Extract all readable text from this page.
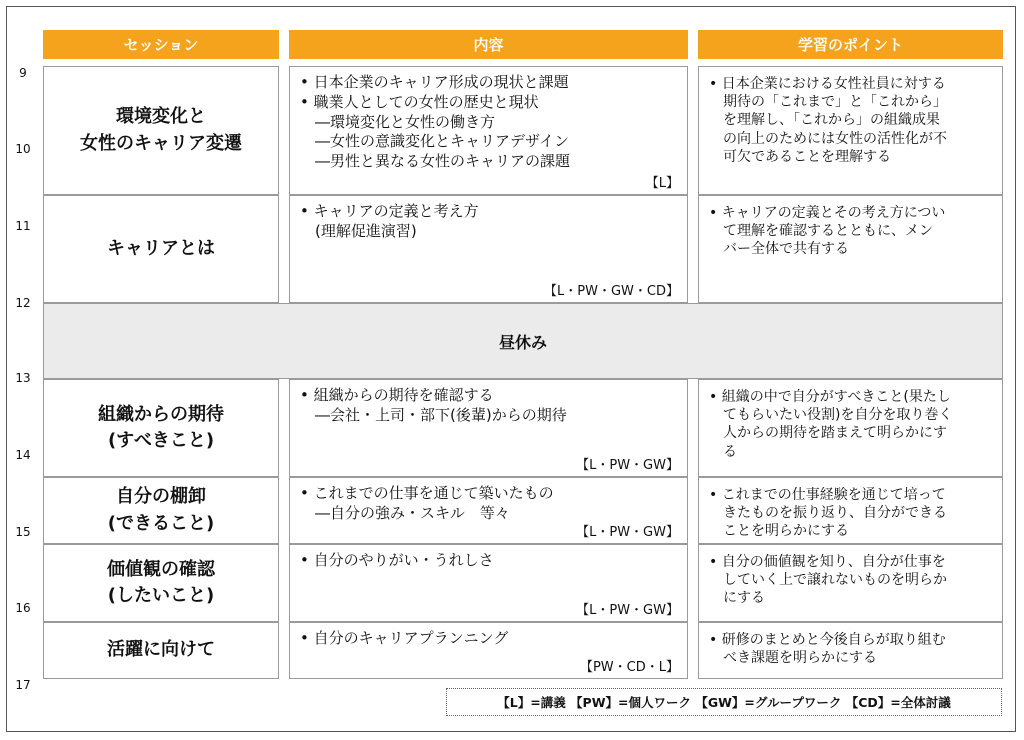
9
10
11
12
13
14
15
16
17
セッション	内容	学習のポイント
環境変化と
女性のキャリア変遷
• 日本企業のキャリア形成の現状と課題
• 職業人としての女性の歴史と現状
　―環境変化と女性の働き方
　―女性の意識変化とキャリアデザイン
　―男性と異なる女性のキャリアの課題
【L】
• 日本企業における女性社員に対する
　期待の「これまで」と「これから」
　を理解し、「これから」の組織成果
　の向上のためには女性の活性化が不
　可欠であることを理解する
キャリアとは
• キャリアの定義と考え方
　(理解促進演習)
【L・PW・GW・CD】
• キャリアの定義とその考え方につい
　て理解を確認するとともに、メン
　バー全体で共有する
昼休み
組織からの期待
(すべきこと)
• 組織からの期待を確認する
　―会社・上司・部下(後輩)からの期待
【L・PW・GW】
• 組織の中で自分がすべきこと(果たし
　てもらいたい役割)を自分を取り巻く
　人からの期待を踏まえて明らかにす
　る
自分の棚卸
(できること)
• これまでの仕事を通じて築いたもの
　―自分の強み・スキル　等々
【L・PW・GW】
• これまでの仕事経験を通じて培って
　きたものを振り返り、自分ができる
　ことを明らかにする
価値観の確認
(したいこと)
• 自分のやりがい・うれしさ
【L・PW・GW】
• 自分の価値観を知り、自分が仕事を
　していく上で譲れないものを明らか
　にする
活躍に向けて
• 自分のキャリアプランニング
【PW・CD・L】
• 研修のまとめと今後自らが取り組む
　べき課題を明らかにする
【L】=講義 【PW】=個人ワーク 【GW】=グループワーク 【CD】=全体討議
